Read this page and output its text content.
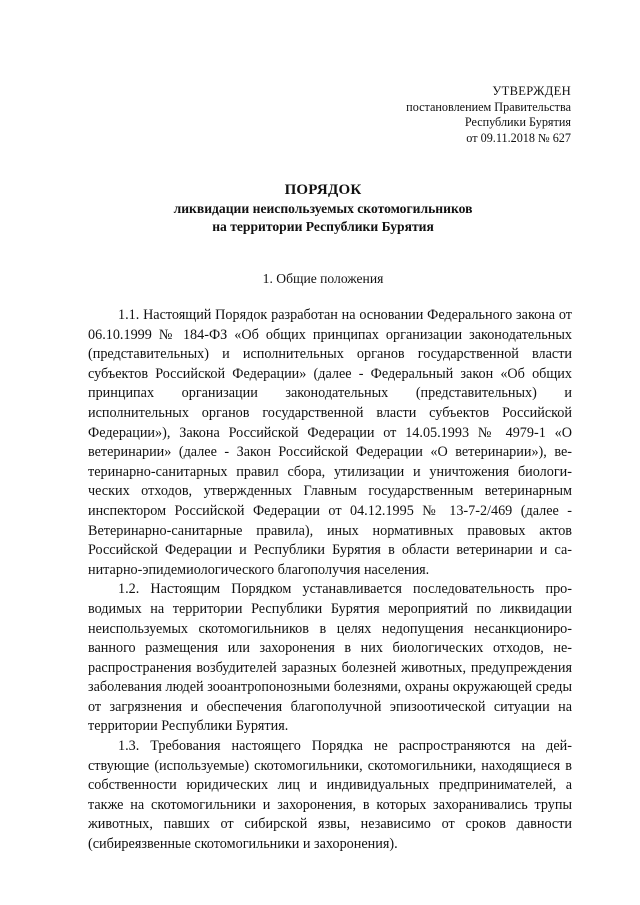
УТВЕРЖДЕН
постановлением Правительства
Республики Бурятия
от 09.11.2018 № 627
ПОРЯДОК
ликвидации неиспользуемых скотомогильников
на территории Республики Бурятия
1. Общие положения

1.1. Настоящий Порядок разработан на основании Федерального закона от 06.10.1999 № 184-ФЗ «Об общих принципах организации законодательных (представительных) и исполнительных органов государственной власти субъектов Российской Федерации» (далее - Федеральный закон «Об общих принципах организации законодательных (представительных) и исполнительных органов государственной власти субъектов Российской Федерации»), Закона Российской Федерации от 14.05.1993 № 4979-1 «О ветеринарии» (далее - Закон Российской Федерации «О ветеринарии»), ветеринарно-санитарных правил сбора, утилизации и уничтожения биологических отходов, утвержденных Главным государственным ветеринарным инспектором Российской Федерации от 04.12.1995 № 13-7-2/469 (далее - Ветеринарно-санитарные правила), иных нормативных правовых актов Российской Федерации и Республики Бурятия в области ветеринарии и санитарно-эпидемиологического благополучия населения.

1.2. Настоящим Порядком устанавливается последовательность проводимых на территории Республики Бурятия мероприятий по ликвидации неиспользуемых скотомогильников в целях недопущения несанкционированного размещения или захоронения в них биологических отходов, нераспространения возбудителей заразных болезней животных, предупреждения заболевания людей зооантропонозными болезнями, охраны окружающей среды от загрязнения и обеспечения благополучной эпизоотической ситуации на территории Республики Бурятия.

1.3. Требования настоящего Порядка не распространяются на действующие (используемые) скотомогильники, скотомогильники, находящиеся в собственности юридических лиц и индивидуальных предпринимателей, а также на скотомогильники и захоронения, в которых захоранивались трупы животных, павших от сибирской язвы, независимо от сроков давности (сибиреязвенные скотомогильники и захоронения).
